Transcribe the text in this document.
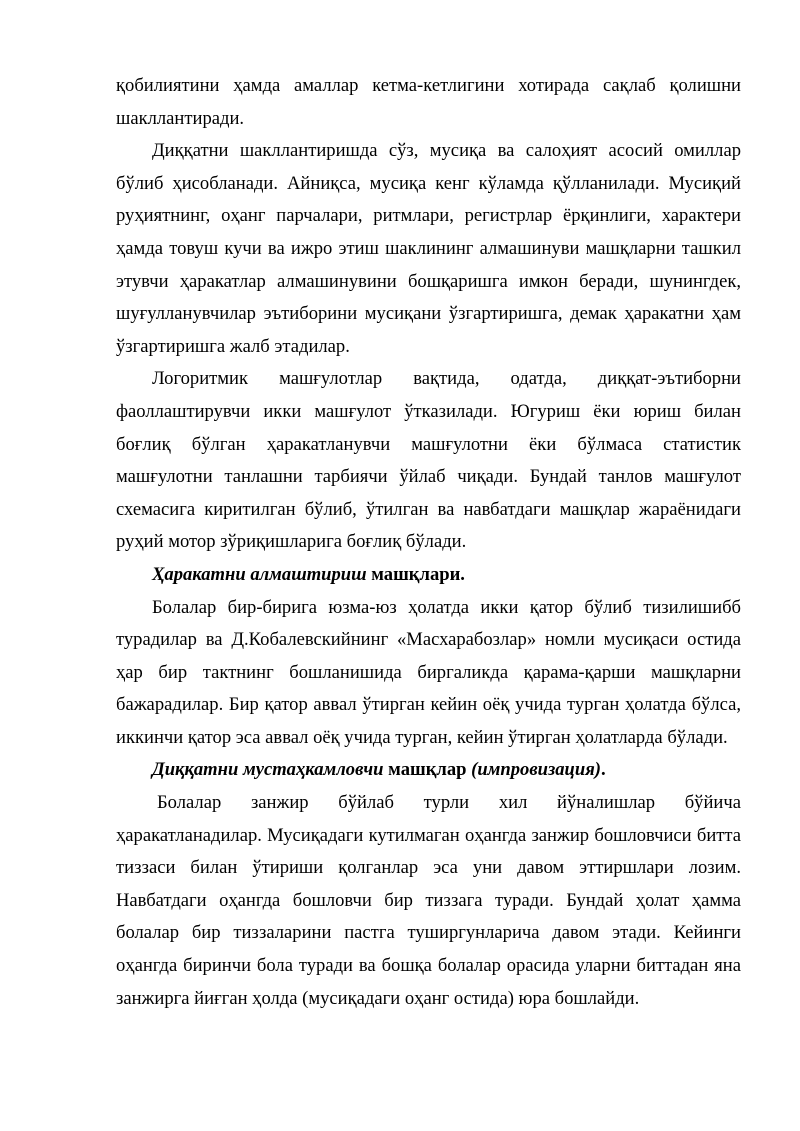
қобилиятини ҳамда амаллар кетма-кетлигини хотирада сақлаб қолишни шакллантиради.

Диққатни шакллантиришда сўз, мусиқа ва салоҳият асосий омиллар бўлиб ҳисобланади. Айниқса, мусиқа кенг кўламда қўлланилади. Мусиқий руҳиятнинг, оҳанг парчалари, ритмлари, регистрлар ёрқинлиги, характери ҳамда товуш кучи ва ижро этиш шаклининг алмашинуви машқларни ташкил этувчи ҳаракатлар алмашинувини бошқаришга имкон беради, шунингдек, шуғулланувчилар эътиборини мусиқани ўзгартиришга, демак ҳаракатни ҳам ўзгартиришга жалб этадилар.

Логоритмик машғулотлар вақтида, одатда, диққат-эътиборни фаоллаштирувчи икки машғулот ўтказилади. Югуриш ёки юриш билан боғлиқ бўлган ҳаракатланувчи машғулотни ёки бўлмаса статистик машғулотни танлашни тарбиячи ўйлаб чиқади. Бундай танлов машғулот схемасига киритилган бўлиб, ўтилган ва навбатдаги машқлар жараёнидаги руҳий мотор зўриқишларига боғлиқ бўлади.

Ҳаракатни алмаштириш машқлари.

Болалар бир-бирига юзма-юз ҳолатда икки қатор бўлиб тизилишибб турадилар ва Д.Кобалевскийнинг «Масхарабозлар» номли мусиқаси остида ҳар бир тактнинг бошланишида биргаликда қарама-қарши машқларни бажарадилар. Бир қатор аввал ўтирган кейин оёқ учида турган ҳолатда бўлса, иккинчи қатор эса аввал оёқ учида турган, кейин ўтирган ҳолатларда бўлади.

Диққатни мустаҳкамловчи машқлар (импровизация).

Болалар занжир бўйлаб турли хил йўналишлар бўйича ҳаракатланадилар. Мусиқадаги кутилмаган оҳангда занжир бошловчиси битта тиззаси билан ўтириши қолганлар эса уни давом эттиршлари лозим. Навбатдаги оҳангда бошловчи бир тиззага туради. Бундай ҳолат ҳамма болалар бир тиззаларини пастга туширгунларича давом этади. Кейинги оҳангда биринчи бола туради ва бошқа болалар орасида уларни биттадан яна занжирга йиғган ҳолда (мусиқадаги оҳанг остида) юра бошлайди.
